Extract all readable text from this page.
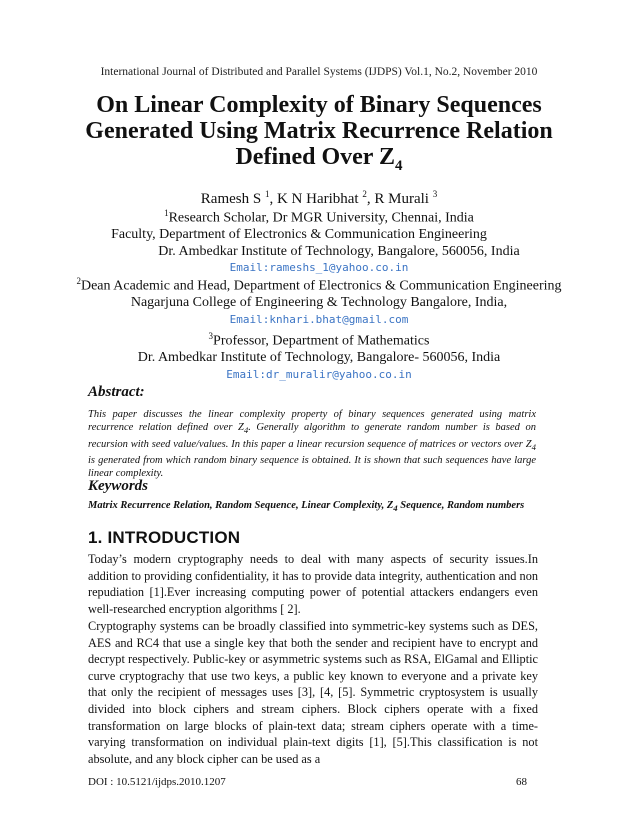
International Journal of Distributed and Parallel Systems (IJDPS) Vol.1, No.2, November 2010
On Linear Complexity of Binary Sequences
Generated Using Matrix Recurrence Relation
Defined Over $Z_4$
Ramesh S $^1$, K N Haribhat $^2$, R Murali $^3$
$^1$Research Scholar, Dr MGR University, Chennai, India
Faculty, Department of Electronics & Communication Engineering
Dr. Ambedkar Institute of Technology, Bangalore, 560056, India
Email:rameshs_1@yahoo.co.in
$^2$Dean Academic and Head, Department of Electronics & Communication Engineering
Nagarjuna College of Engineering & Technology Bangalore, India,
Email:knhari.bhat@gmail.com
$^3$Professor, Department of Mathematics
Dr. Ambedkar Institute of Technology, Bangalore- 560056, India
Email:dr_muralir@yahoo.co.in
Abstract:
This paper discusses the linear complexity property of binary sequences generated using matrix recurrence relation defined over $Z_4$. Generally algorithm to generate random number is based on recursion with seed value/values. In this paper a linear recursion sequence of matrices or vectors over $Z_4$ is generated from which random binary sequence is obtained. It is shown that such sequences have large linear complexity.
Keywords
Matrix Recurrence Relation, Random Sequence, Linear Complexity, $Z_4$ Sequence, Random numbers
1. INTRODUCTION
Today’s modern cryptography needs to deal with many aspects of security issues.In addition to providing confidentiality, it has to provide data integrity, authentication and non repudiation [1].Ever increasing computing power of potential attackers endangers even well-researched encryption algorithms [ 2].
Cryptography systems can be broadly classified into symmetric-key systems such as DES, AES and RC4 that use a single key that both the sender and recipient have to encrypt and decrypt respectively. Public-key or asymmetric systems such as RSA, ElGamal and Elliptic curve cryptograchy that use two keys, a public key known to everyone and a private key that only the recipient of messages uses [3], [4, [5]. Symmetric cryptosystem is usually divided into block ciphers and stream ciphers. Block ciphers operate with a fixed transformation on large blocks of plain-text data; stream ciphers operate with a time-varying transformation on individual plain-text digits [1], [5].This classification is not absolute, and any block cipher can be used as a
DOI : 10.5121/ijdps.2010.1207	68
